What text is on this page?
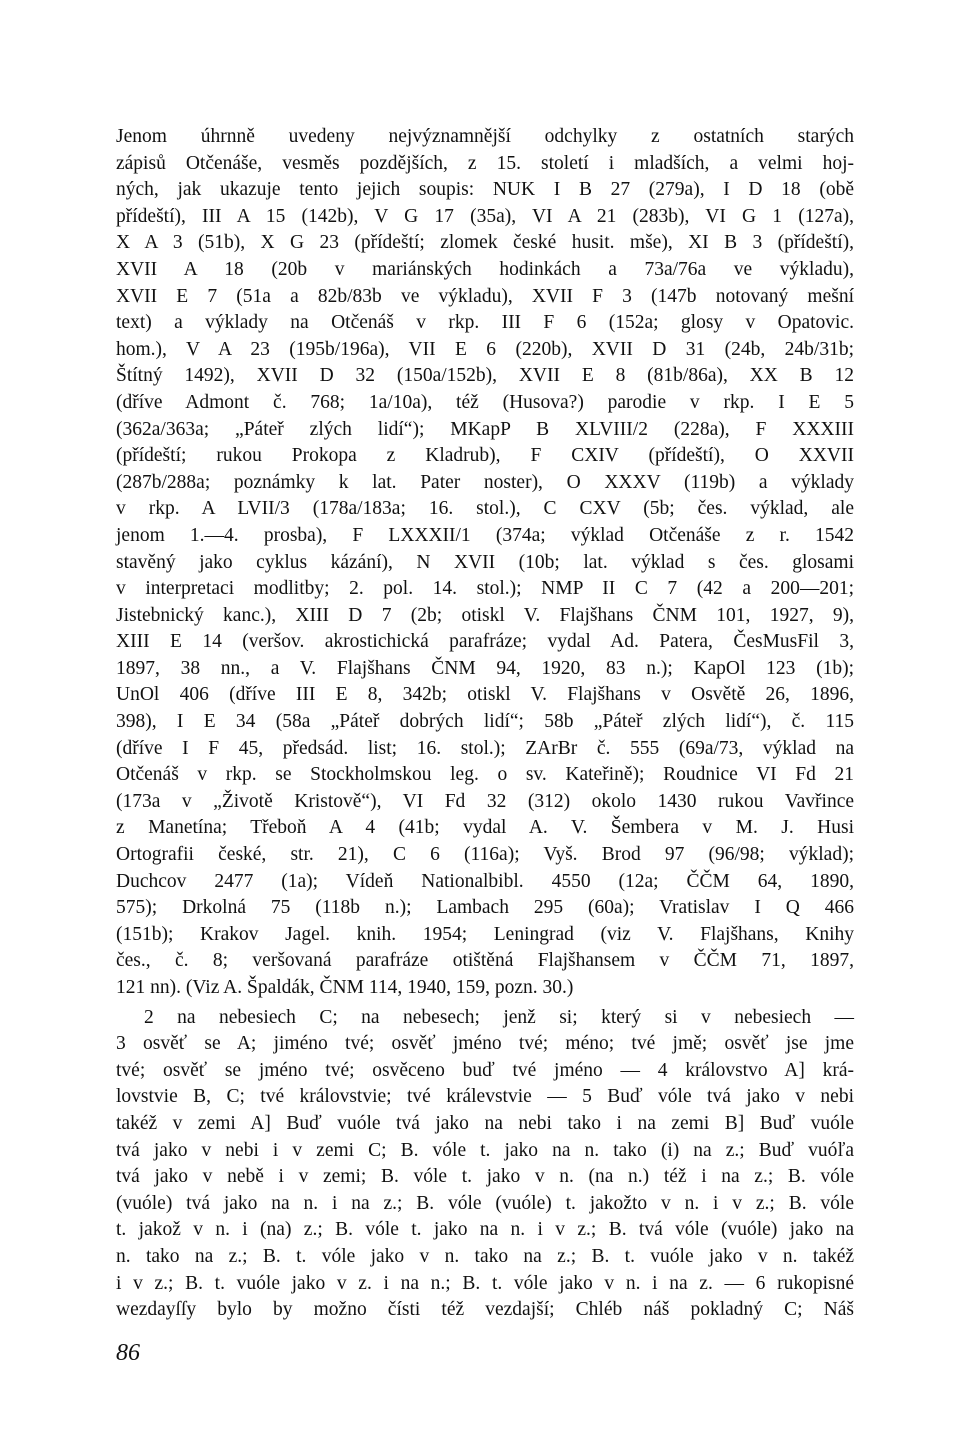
Jenom úhrnně uvedeny nejvýznamnější odchylky z ostatních starých
zápisů Otčenáše, vesměs pozdějších, z 15. století i mladších, a velmi hoj-
ných, jak ukazuje tento jejich soupis: NUK I B 27 (279a), I D 18 (obě
přídeští), III A 15 (142b), V G 17 (35a), VI A 21 (283b), VI G 1 (127a),
X A 3 (51b), X G 23 (přídeští; zlomek české husit. mše), XI B 3 (přídeští),
XVII A 18 (20b v mariánských hodinkách a 73a/76a ve výkladu),
XVII E 7 (51a a 82b/83b ve výkladu), XVII F 3 (147b notovaný mešní
text) a výklady na Otčenáš v rkp. III F 6 (152a; glosy v Opatovic.
hom.), V A 23 (195b/196a), VII E 6 (220b), XVII D 31 (24b, 24b/31b;
Štítný 1492), XVII D 32 (150a/152b), XVII E 8 (81b/86a), XX B 12
(dříve Admont č. 768; 1a/10a), též (Husova?) parodie v rkp. I E 5
(362a/363a; „Páteř zlých lidí“); MKapP B XLVIII/2 (228a), F XXXIII
(přídeští; rukou Prokopa z Kladrub), F CXIV (přídeští), O XXVII
(287b/288a; poznámky k lat. Pater noster), O XXXV (119b) a výklady
v rkp. A LVII/3 (178a/183a; 16. stol.), C CXV (5b; čes. výklad, ale
jenom 1.—4. prosba), F LXXXII/1 (374a; výklad Otčenáše z r. 1542
stavěný jako cyklus kázání), N XVII (10b; lat. výklad s čes. glosami
v interpretaci modlitby; 2. pol. 14. stol.); NMP II C 7 (42 a 200—201;
Jistebnický kanc.), XIII D 7 (2b; otiskl V. Flajšhans ČNM 101, 1927, 9),
XIII E 14 (veršov. akrostichická parafráze; vydal Ad. Patera, ČesMusFil 3,
1897, 38 nn., a V. Flajšhans ČNM 94, 1920, 83 n.); KapOl 123 (1b);
UnOl 406 (dříve III E 8, 342b; otiskl V. Flajšhans v Osvětě 26, 1896,
398), I E 34 (58a „Páteř dobrých lidí“; 58b „Páteř zlých lidí“), č. 115
(dříve I F 45, předsád. list; 16. stol.); ZArBr č. 555 (69a/73, výklad na
Otčenáš v rkp. se Stockholmskou leg. o sv. Kateřině); Roudnice VI Fd 21
(173a v „Životě Kristově“), VI Fd 32 (312) okolo 1430 rukou Vavřince
z Manetína; Třeboň A 4 (41b; vydal A. V. Šembera v M. J. Husi
Ortografii české, str. 21), C 6 (116a); Vyš. Brod 97 (96/98; výklad);
Duchcov 2477 (1a); Vídeň Nationalbibl. 4550 (12a; ČČM 64, 1890,
575); Drkolná 75 (118b n.); Lambach 295 (60a); Vratislav I Q 466
(151b); Krakov Jagel. knih. 1954; Leningrad (viz V. Flajšhans, Knihy
čes., č. 8; veršovaná parafráze otištěná Flajšhansem v ČČM 71, 1897,
121 nn). (Viz A. Špaldák, ČNM 114, 1940, 159, pozn. 30.)
2 na nebesiech C; na nebesech; jenž si; který si v nebesiech —
3 osvěť se A; jiméno tvé; osvěť jméno tvé; méno; tvé jmě; osvěť jse jme
tvé; osvěť se jméno tvé; osvěceno buď tvé jméno — 4 královstvo A] krá-
lovstvie B, C; tvé královstvie; tvé králevstvie — 5 Buď vóle tvá jako v nebi
takéž v zemi A] Buď vuóle tvá jako na nebi tako i na zemi B] Buď vuóle
tvá jako v nebi i v zemi C; B. vóle t. jako na n. tako (i) na z.; Buď vuóľa
tvá jako v nebě i v zemi; B. vóle t. jako v n. (na n.) též i na z.; B. vóle
(vuóle) tvá jako na n. i na z.; B. vóle (vuóle) t. jakožto v n. i v z.; B. vóle
t. jakož v n. i (na) z.; B. vóle t. jako na n. i v z.; B. tvá vóle (vuóle) jako na
n. tako na z.; B. t. vóle jako v n. tako na z.; B. t. vuóle jako v n. takéž
i v z.; B. t. vuóle jako v z. i na n.; B. t. vóle jako v n. i na z. — 6 rukopisné
wezdayſſy bylo by možno čísti též vezdajší; Chléb náš pokladný C; Náš
86
